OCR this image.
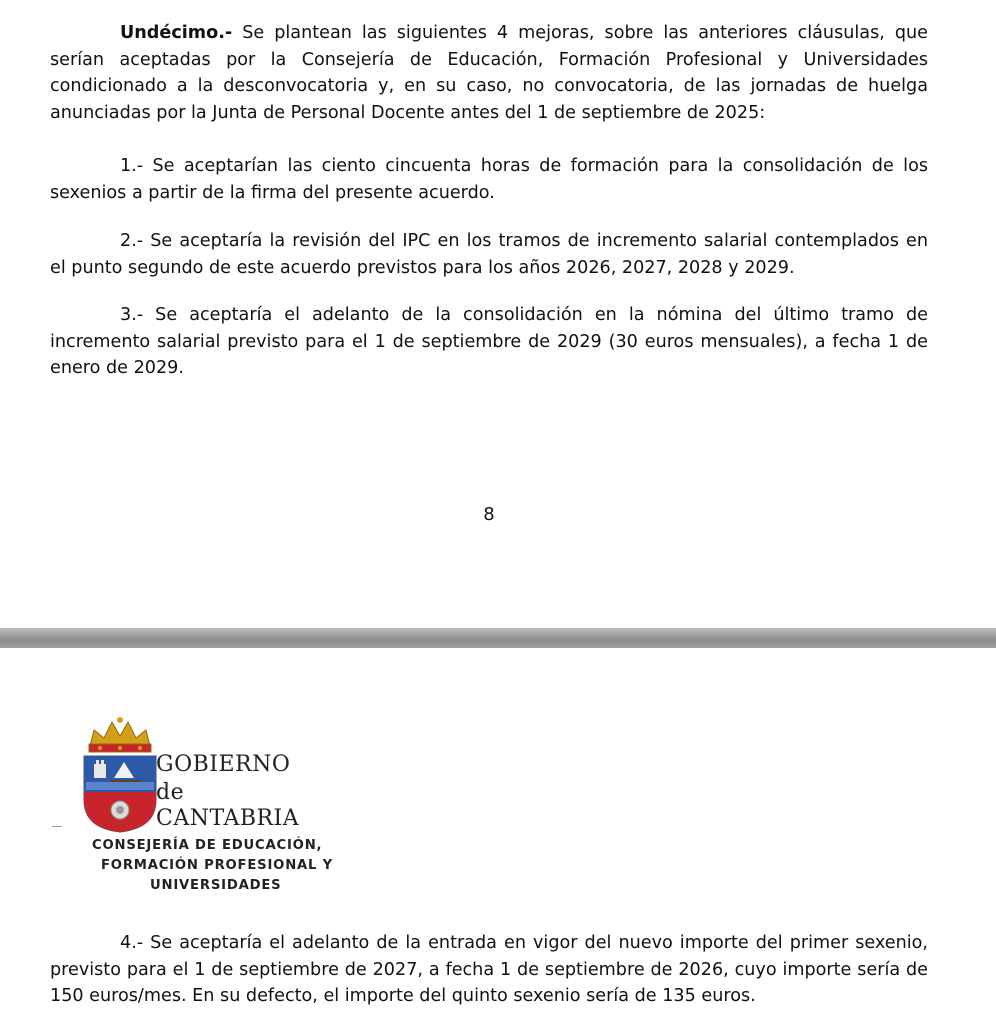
Undécimo.- Se plantean las siguientes 4 mejoras, sobre las anteriores cláusulas, que serían aceptadas por la Consejería de Educación, Formación Profesional y Universidades condicionado a la desconvocatoria y, en su caso, no convocatoria, de las jornadas de huelga anunciadas por la Junta de Personal Docente antes del 1 de septiembre de 2025:

1.- Se aceptarían las ciento cincuenta horas de formación para la consolidación de los sexenios a partir de la firma del presente acuerdo.

2.- Se aceptaría la revisión del IPC en los tramos de incremento salarial contemplados en el punto segundo de este acuerdo previstos para los años 2026, 2027, 2028 y 2029.

3.- Se aceptaría el adelanto de la consolidación en la nómina del último tramo de incremento salarial previsto para el 1 de septiembre de 2029 (30 euros mensuales), a fecha 1 de enero de 2029.

8
GOBIERNO
de
CANTABRIA
CONSEJERÍA DE EDUCACIÓN,
FORMACIÓN PROFESIONAL Y
UNIVERSIDADES

4.- Se aceptaría el adelanto de la entrada en vigor del nuevo importe del primer sexenio, previsto para el 1 de septiembre de 2027, a fecha 1 de septiembre de 2026, cuyo importe sería de 150 euros/mes. En su defecto, el importe del quinto sexenio sería de 135 euros.
